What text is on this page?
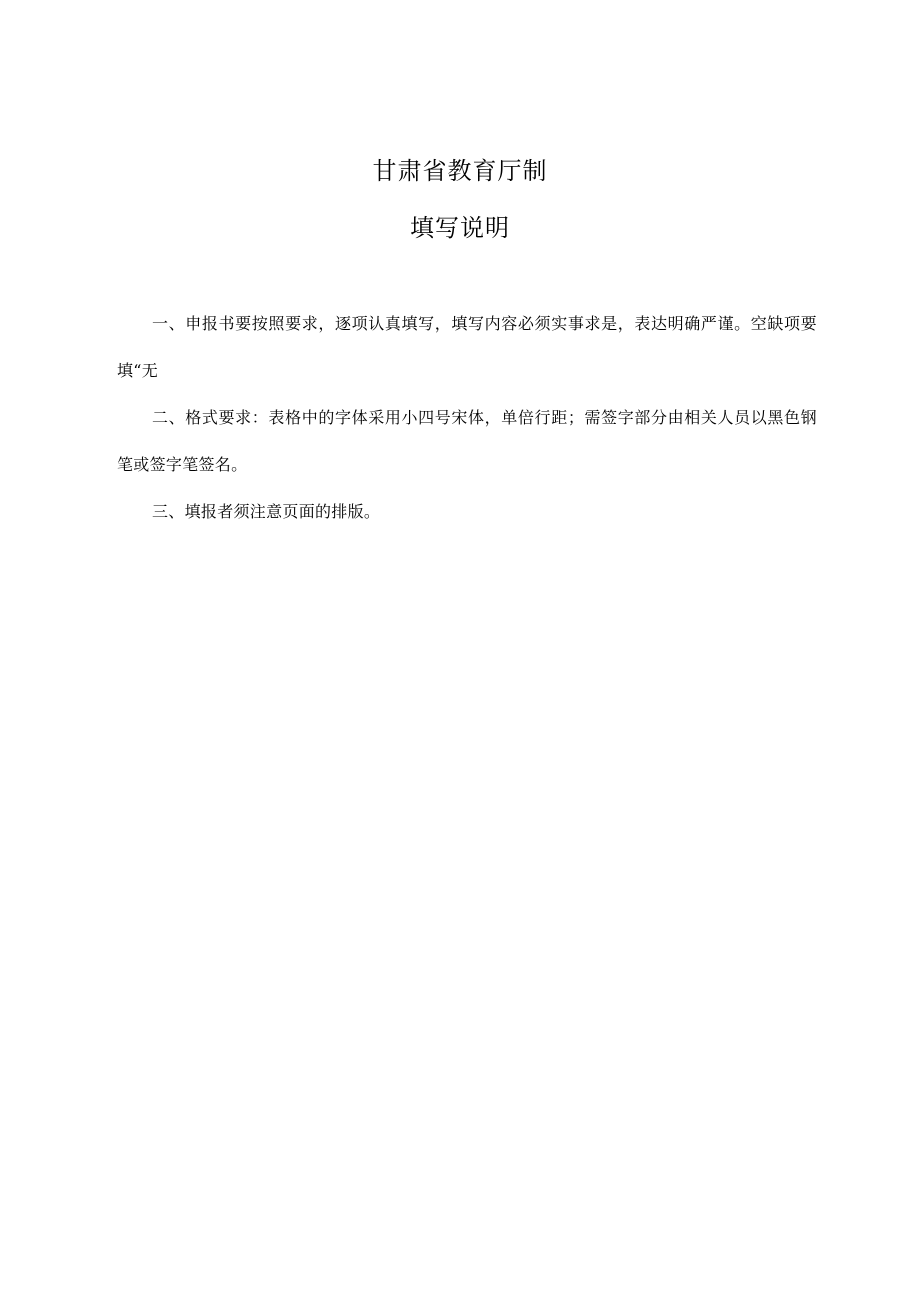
甘肃省教育厅制
填写说明

一、申报书要按照要求，逐项认真填写，填写内容必须实事求是，表达明确严谨。空缺项要填“无

二、格式要求：表格中的字体采用小四号宋体，单倍行距；需签字部分由相关人员以黑色钢笔或签字笔签名。

三、填报者须注意页面的排版。
